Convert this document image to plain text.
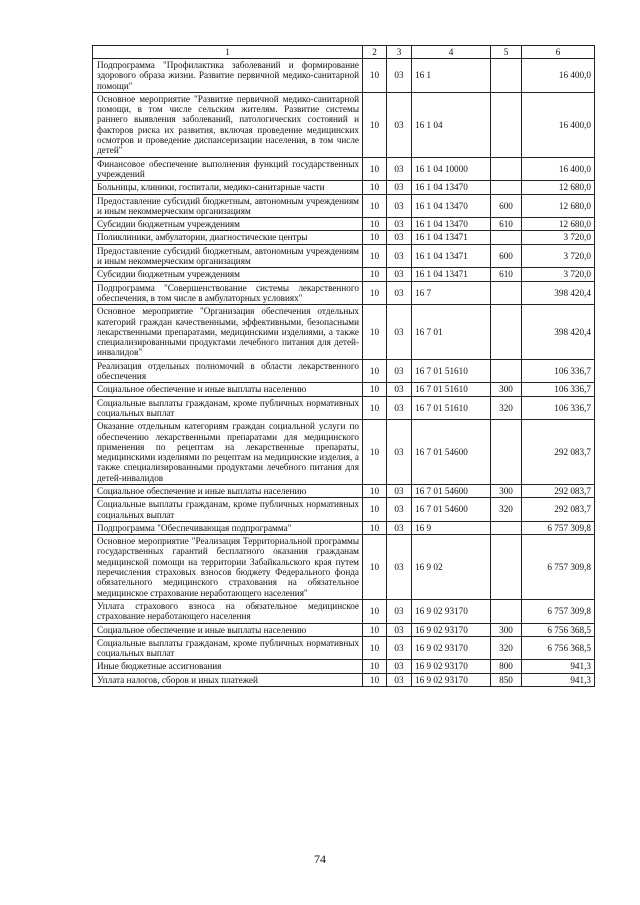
1	2	3	4	5	6
Подпрограмма "Профилактика заболеваний и формирование здорового образа жизни. Развитие первичной медико-санитарной помощи"	10	03	16 1		16 400,0
Основное мероприятие "Развитие первичной медико-санитарной помощи, в том числе сельским жителям. Развитие системы раннего выявления заболеваний, патологических состояний и факторов риска их развития, включая проведение медицинских осмотров и проведение диспансеризации населения, в том числе детей"	10	03	16 1 04		16 400,0
Финансовое обеспечение выполнения функций государственных учреждений	10	03	16 1 04 10000		16 400,0
Больницы, клиники, госпитали, медико-санитарные части	10	03	16 1 04 13470		12 680,0
Предоставление субсидий бюджетным, автономным учреждениям и иным некоммерческим организациям	10	03	16 1 04 13470	600	12 680,0
Субсидии бюджетным учреждениям	10	03	16 1 04 13470	610	12 680,0
Поликлиники, амбулатории, диагностические центры	10	03	16 1 04 13471		3 720,0
Предоставление субсидий бюджетным, автономным учреждениям и иным некоммерческим организациям	10	03	16 1 04 13471	600	3 720,0
Субсидии бюджетным учреждениям	10	03	16 1 04 13471	610	3 720,0
Подпрограмма "Совершенствование системы лекарственного обеспечения, в том числе в амбулаторных условиях"	10	03	16 7		398 420,4
Основное мероприятие "Организация обеспечения отдельных категорий граждан качественными, эффективными, безопасными лекарственными препаратами, медицинскими изделиями, а также специализированными продуктами лечебного питания для детей-инвалидов"	10	03	16 7 01		398 420,4
Реализация отдельных полномочий в области лекарственного обеспечения	10	03	16 7 01 51610		106 336,7
Социальное обеспечение и иные выплаты населению	10	03	16 7 01 51610	300	106 336,7
Социальные выплаты гражданам, кроме публичных нормативных социальных выплат	10	03	16 7 01 51610	320	106 336,7
Оказание отдельным категориям граждан социальной услуги по обеспечению лекарственными препаратами для медицинского применения по рецептам на лекарственные препараты, медицинскими изделиями по рецептам на медицинские изделия, а также специализированными продуктами лечебного питания для детей-инвалидов	10	03	16 7 01 54600		292 083,7
Социальное обеспечение и иные выплаты населению	10	03	16 7 01 54600	300	292 083,7
Социальные выплаты гражданам, кроме публичных нормативных социальных выплат	10	03	16 7 01 54600	320	292 083,7
Подпрограмма "Обеспечивающая подпрограмма"	10	03	16 9		6 757 309,8
Основное мероприятие "Реализация Территориальной программы государственных гарантий бесплатного оказания гражданам медицинской помощи на территории Забайкальского края путем перечисления страховых взносов бюджету Федерального фонда обязательного медицинского страхования на обязательное медицинское страхование неработающего населения"	10	03	16 9 02		6 757 309,8
Уплата страхового взноса на обязательное медицинское страхование неработающего населения	10	03	16 9 02 93170		6 757 309,8
Социальное обеспечение и иные выплаты населению	10	03	16 9 02 93170	300	6 756 368,5
Социальные выплаты гражданам, кроме публичных нормативных социальных выплат	10	03	16 9 02 93170	320	6 756 368,5
Иные бюджетные ассигнования	10	03	16 9 02 93170	800	941,3
Уплата налогов, сборов и иных платежей	10	03	16 9 02 93170	850	941,3
74
